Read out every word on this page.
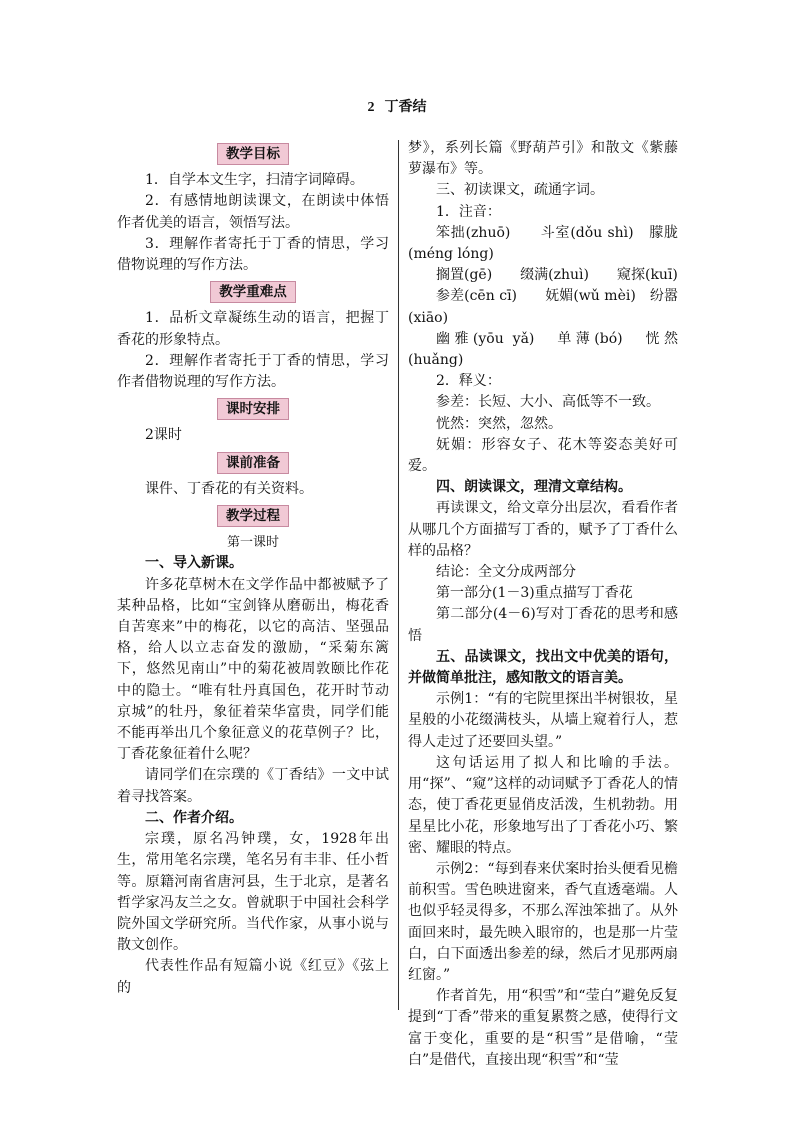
2 丁香结
教学目标

1．自学本文生字，扫清字词障碍。

2．有感情地朗读课文，在朗读中体悟作者优美的语言，领悟写法。

3．理解作者寄托于丁香的情思，学习借物说理的写作方法。

教学重难点

1．品析文章凝练生动的语言，把握丁香花的形象特点。

2．理解作者寄托于丁香的情思，学习作者借物说理的写作方法。

课时安排

2课时

课前准备

课件、丁香花的有关资料。

教学过程

第一课时

一、导入新课。

许多花草树木在文学作品中都被赋予了某种品格，比如“宝剑锋从磨砺出，梅花香自苦寒来”中的梅花，以它的高洁、坚强品格，给人以立志奋发的激励，“采菊东篱下，悠然见南山”中的菊花被周敦颐比作花中的隐士。“唯有牡丹真国色，花开时节动京城”的牡丹，象征着荣华富贵，同学们能不能再举出几个象征意义的花草例子？比，丁香花象征着什么呢？

请同学们在宗璞的《丁香结》一文中试着寻找答案。

二、作者介绍。

宗璞，原名冯钟璞，女，1928年出生，常用笔名宗璞，笔名另有丰非、任小哲等。原籍河南省唐河县，生于北京，是著名哲学家冯友兰之女。曾就职于中国社会科学院外国文学研究所。当代作家，从事小说与散文创作。

代表性作品有短篇小说《红豆》《弦上的

梦》，系列长篇《野葫芦引》和散文《紫藤萝瀑布》等。

三、初读课文，疏通字词。

1．注音：

笨拙(zhuō)　　斗室(dǒu shì)　朦胧(méng lóng)

搁置(gē)　　缀满(zhuì)　　窥探(kuī)

参差(cēn cī)　　妩媚(wǔ mèi)　纷嚣(xiāo)

幽雅(yōu yǎ)　单薄(bó)　恍然(huǎng)

2．释义：

参差：长短、大小、高低等不一致。

恍然：突然，忽然。

妩媚：形容女子、花木等姿态美好可爱。

四、朗读课文，理清文章结构。

再读课文，给文章分出层次，看看作者从哪几个方面描写丁香的，赋予了丁香什么样的品格？

结论：全文分成两部分

第一部分(1－3)重点描写丁香花

第二部分(4－6)写对丁香花的思考和感悟

五、品读课文，找出文中优美的语句，并做简单批注，感知散文的语言美。

示例1：“有的宅院里探出半树银妆，星星般的小花缀满枝头，从墙上窥着行人，惹得人走过了还要回头望。”

这句话运用了拟人和比喻的手法。用“探”、“窥”这样的动词赋予丁香花人的情态，使丁香花更显俏皮活泼，生机勃勃。用星星比小花，形象地写出了丁香花小巧、繁密、耀眼的特点。

示例2：“每到春来伏案时抬头便看见檐前积雪。雪色映进窗来，香气直透毫端。人也似乎轻灵得多，不那么浑浊笨拙了。从外面回来时，最先映入眼帘的，也是那一片莹白，白下面透出参差的绿，然后才见那两扇红窗。”

作者首先，用“积雪”和“莹白”避免反复提到“丁香”带来的重复累赘之感，使得行文富于变化，重要的是“积雪”是借喻，“莹白”是借代，直接出现“积雪”和“莹
